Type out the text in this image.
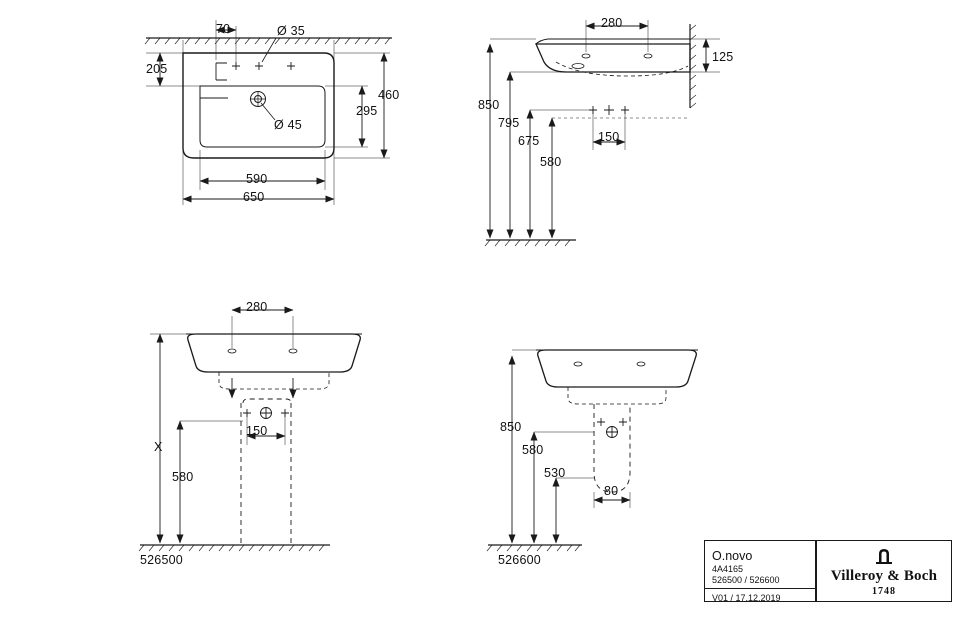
70	Ø 35
205
460
295
Ø 45
590
650
280
125
850
795
675
580
150
280
X
580
150
526500
850
580
530
80
526600	O.novo
4A4165
526500 / 526600
V01 / 17.12.2019
Villeroy & Boch
1748
